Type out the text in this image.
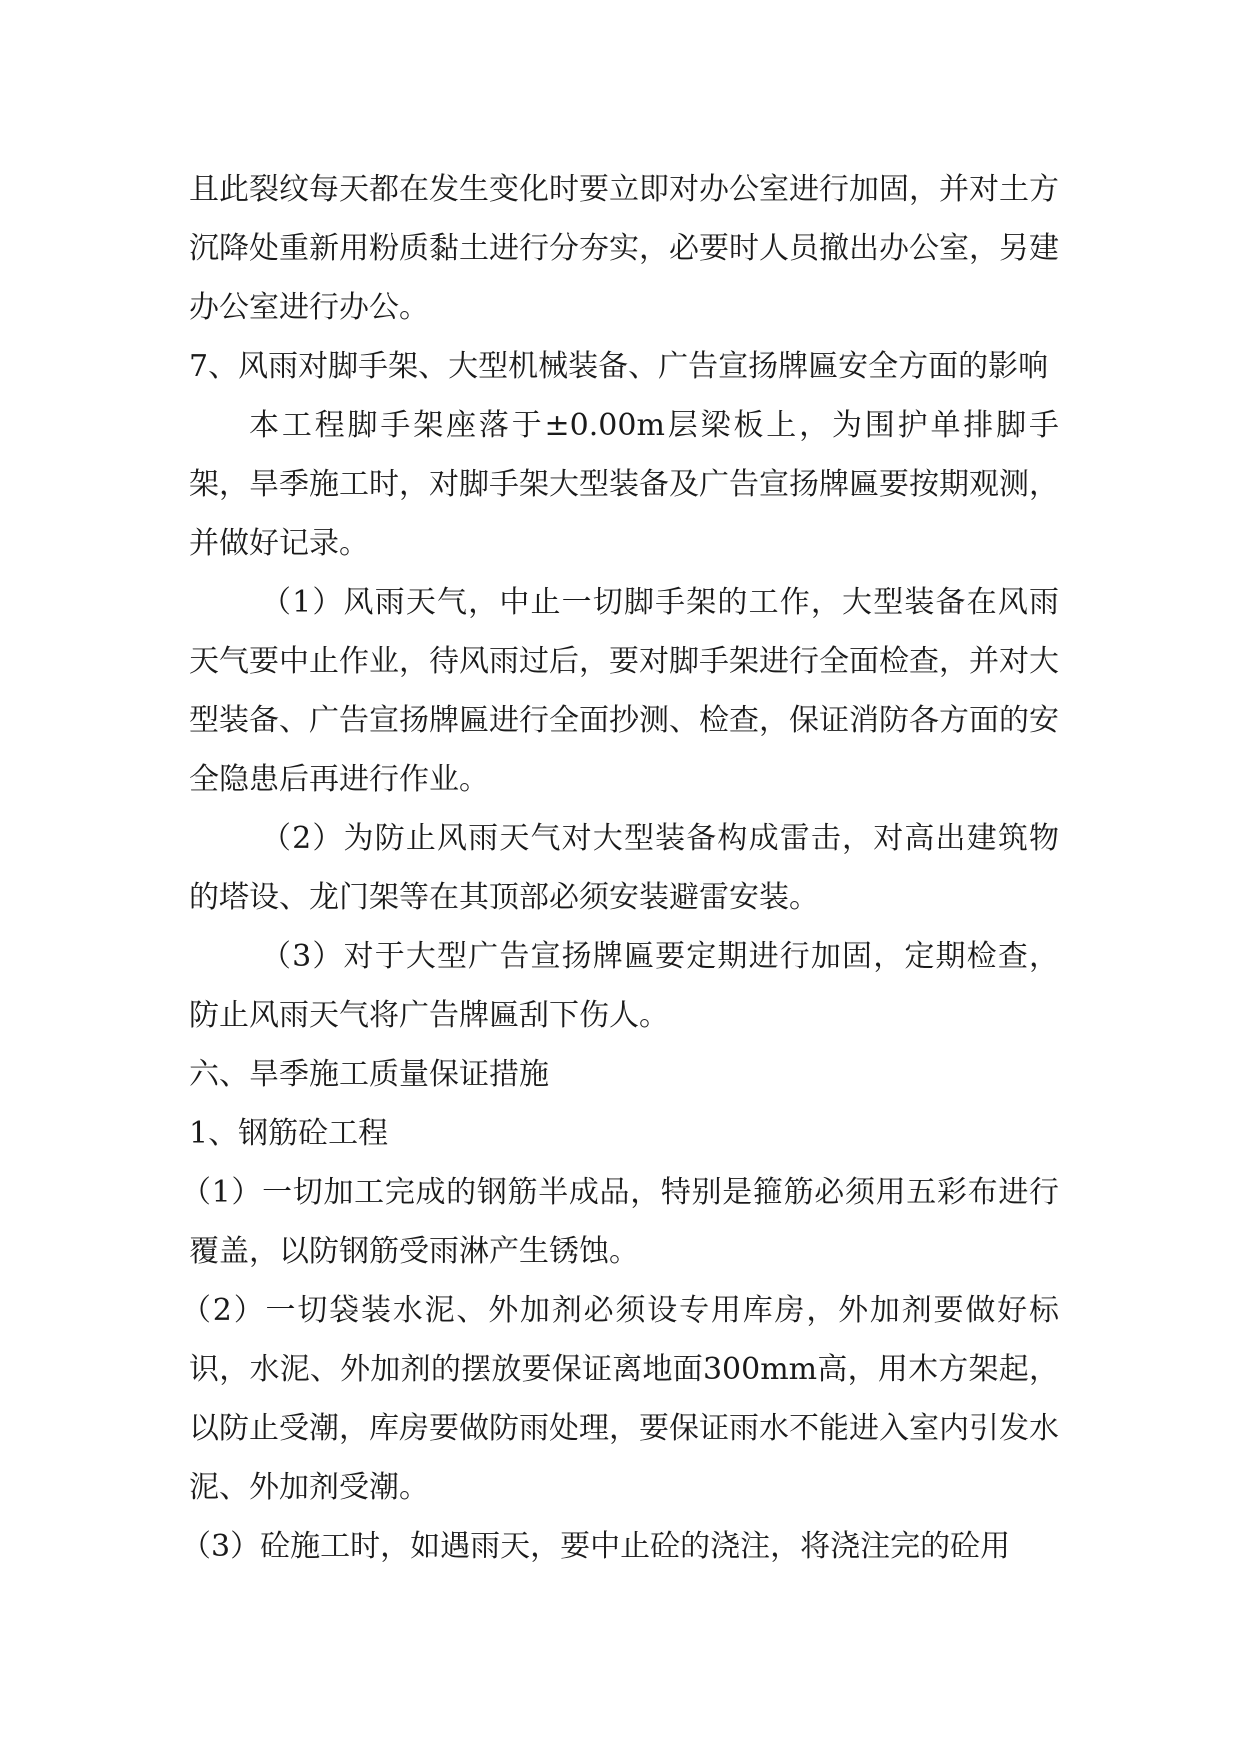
且此裂纹每天都在发生变化时要立即对办公室进行加固，并对土方沉降处重新用粉质黏土进行分夯实，必要时人员撤出办公室，另建办公室进行办公。

7、风雨对脚手架、大型机械装备、广告宣扬牌匾安全方面的影响

本工程脚手架座落于±0.00m层梁板上，为围护单排脚手架，旱季施工时，对脚手架大型装备及广告宣扬牌匾要按期观测，并做好记录。

（1）风雨天气，中止一切脚手架的工作，大型装备在风雨天气要中止作业，待风雨过后，要对脚手架进行全面检查，并对大型装备、广告宣扬牌匾进行全面抄测、检查，保证消防各方面的安全隐患后再进行作业。

（2）为防止风雨天气对大型装备构成雷击，对高出建筑物的塔设、龙门架等在其顶部必须安装避雷安装。

（3）对于大型广告宣扬牌匾要定期进行加固，定期检查，防止风雨天气将广告牌匾刮下伤人。

六、旱季施工质量保证措施

1、钢筋砼工程

（1）一切加工完成的钢筋半成品，特别是箍筋必须用五彩布进行覆盖，以防钢筋受雨淋产生锈蚀。

（2）一切袋装水泥、外加剂必须设专用库房，外加剂要做好标识，水泥、外加剂的摆放要保证离地面300mm高，用木方架起，以防止受潮，库房要做防雨处理，要保证雨水不能进入室内引发水泥、外加剂受潮。

（3）砼施工时，如遇雨天，要中止砼的浇注，将浇注完的砼用
